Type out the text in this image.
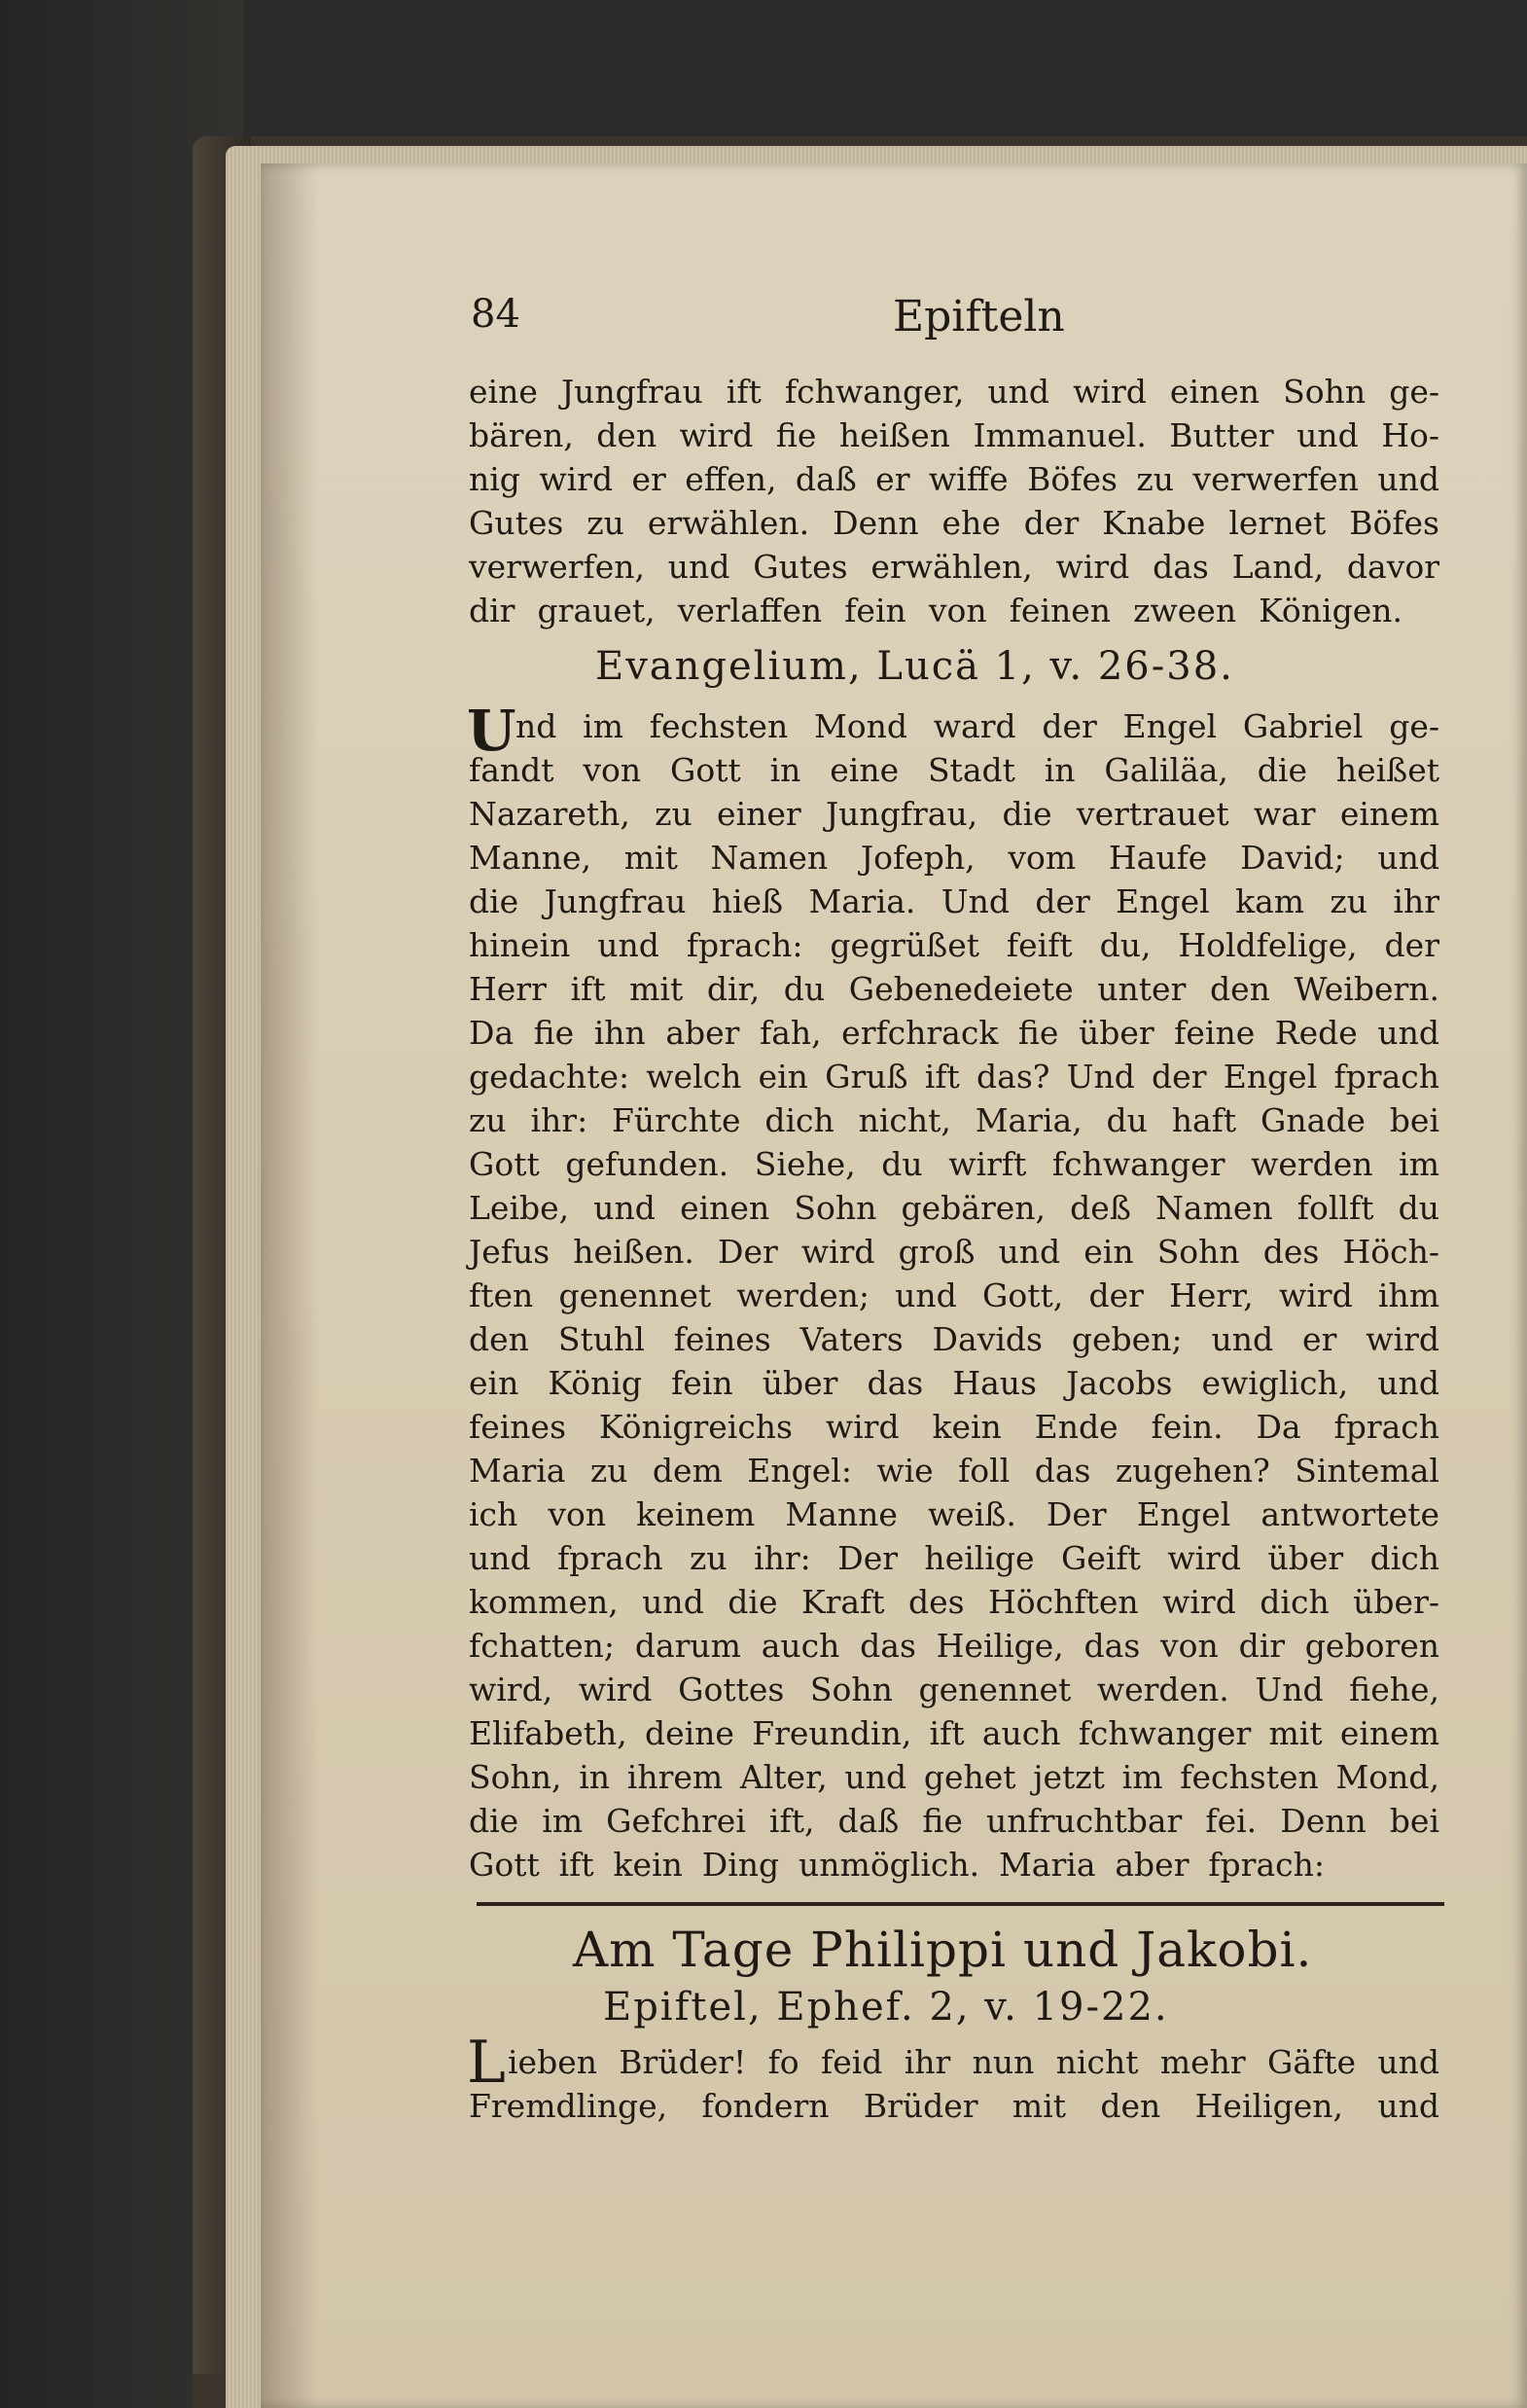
84	Epifteln
eine Jungfrau ift fchwanger, und wird einen Sohn ge-
bären, den wird fie heißen Immanuel. Butter und Ho-
nig wird er effen, daß er wiffe Böfes zu verwerfen und
Gutes zu erwählen. Denn ehe der Knabe lernet Böfes
verwerfen, und Gutes erwählen, wird das Land, davor
dir grauet, verlaffen fein von feinen zween Königen.
Evangelium, Lucä 1, v. 26-38.
U nd im fechsten Mond ward der Engel Gabriel ge-
fandt von Gott in eine Stadt in Galiläa, die heißet
Nazareth, zu einer Jungfrau, die vertrauet war einem
Manne, mit Namen Jofeph, vom Haufe David; und
die Jungfrau hieß Maria. Und der Engel kam zu ihr
hinein und fprach: gegrüßet feift du, Holdfelige, der
Herr ift mit dir, du Gebenedeiete unter den Weibern.
Da fie ihn aber fah, erfchrack fie über feine Rede und
gedachte: welch ein Gruß ift das? Und der Engel fprach
zu ihr: Fürchte dich nicht, Maria, du haft Gnade bei
Gott gefunden. Siehe, du wirft fchwanger werden im
Leibe, und einen Sohn gebären, deß Namen follft du
Jefus heißen. Der wird groß und ein Sohn des Höch-
ften genennet werden; und Gott, der Herr, wird ihm
den Stuhl feines Vaters Davids geben; und er wird
ein König fein über das Haus Jacobs ewiglich, und
feines Königreichs wird kein Ende fein. Da fprach
Maria zu dem Engel: wie foll das zugehen? Sintemal
ich von keinem Manne weiß. Der Engel antwortete
und fprach zu ihr: Der heilige Geift wird über dich
kommen, und die Kraft des Höchften wird dich über-
fchatten; darum auch das Heilige, das von dir geboren
wird, wird Gottes Sohn genennet werden. Und fiehe,
Elifabeth, deine Freundin, ift auch fchwanger mit einem
Sohn, in ihrem Alter, und gehet jetzt im fechsten Mond,
die im Gefchrei ift, daß fie unfruchtbar fei. Denn bei
Gott ift kein Ding unmöglich. Maria aber fprach:
Am Tage Philippi und Jakobi.
Epiftel, Ephef. 2, v. 19-22.
L ieben Brüder! fo feid ihr nun nicht mehr Gäfte und
Fremdlinge, fondern Brüder mit den Heiligen, und
